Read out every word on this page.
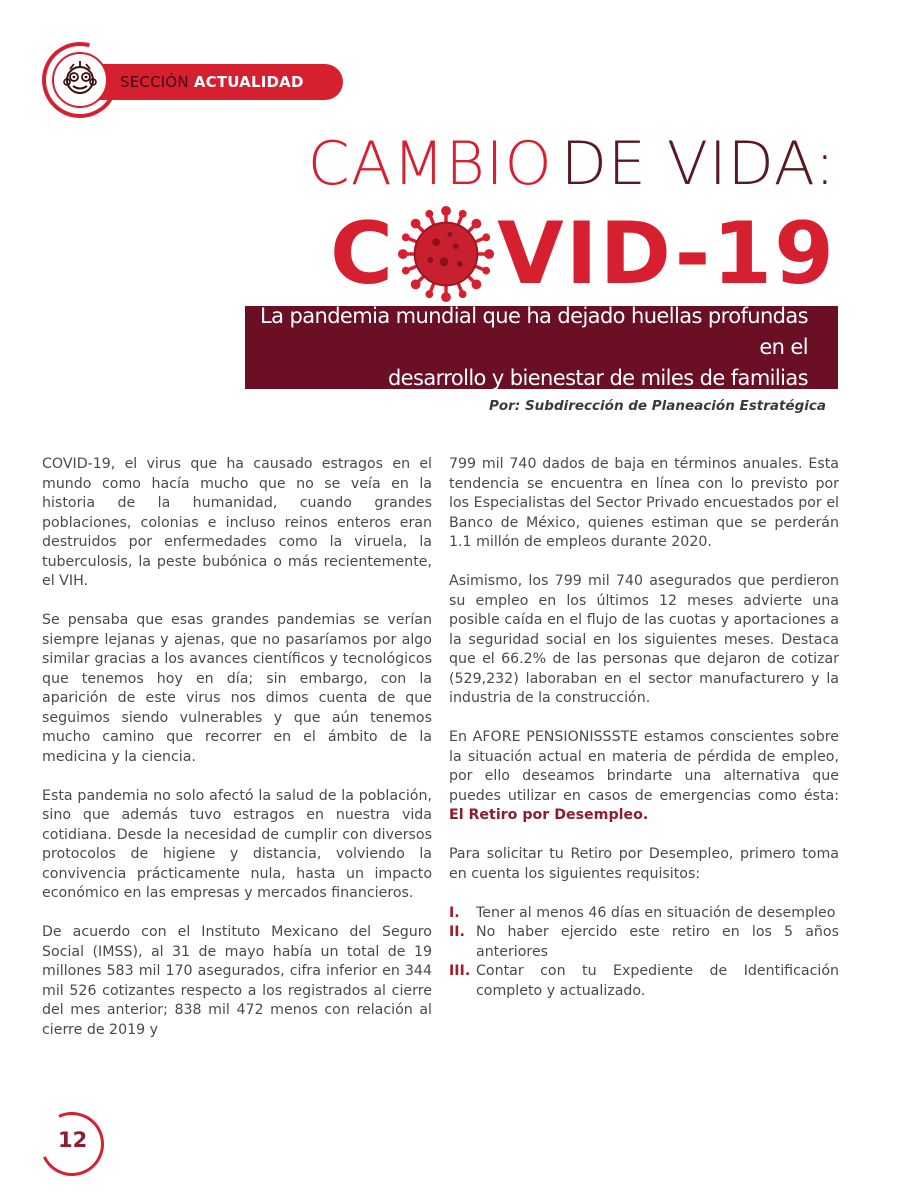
SECCIÓN ACTUALIDAD
CAMBIO DE VIDA:
C VID-19
La pandemia mundial que ha dejado huellas profundas en el
desarrollo y bienestar de miles de familias
Por: Subdirección de Planeación Estratégica

COVID-19, el virus que ha causado estragos en el mundo como hacía mucho que no se veía en la historia de la humanidad, cuando grandes poblaciones, colonias e incluso reinos enteros eran destruidos por enfermedades como la viruela, la tuberculosis, la peste bubónica o más recientemente, el VIH.

Se pensaba que esas grandes pandemias se verían siempre lejanas y ajenas, que no pasaríamos por algo similar gracias a los avances científicos y tecnológicos que tenemos hoy en día; sin embargo, con la aparición de este virus nos dimos cuenta de que seguimos siendo vulnerables y que aún tenemos mucho camino que recorrer en el ámbito de la medicina y la ciencia.

Esta pandemia no solo afectó la salud de la población, sino que además tuvo estragos en nuestra vida cotidiana. Desde la necesidad de cumplir con diversos protocolos de higiene y distancia, volviendo la convivencia prácticamente nula, hasta un impacto económico en las empresas y mercados financieros.

De acuerdo con el Instituto Mexicano del Seguro Social (IMSS), al 31 de mayo había un total de 19 millones 583 mil 170 asegurados, cifra inferior en 344 mil 526 cotizantes respecto a los registrados al cierre del mes anterior; 838 mil 472 menos con relación al cierre de 2019 y

799 mil 740 dados de baja en términos anuales. Esta tendencia se encuentra en línea con lo previsto por los Especialistas del Sector Privado encuestados por el Banco de México, quienes estiman que se perderán 1.1 millón de empleos durante 2020.

Asimismo, los 799 mil 740 asegurados que perdieron su empleo en los últimos 12 meses advierte una posible caída en el flujo de las cuotas y aportaciones a la seguridad social en los siguientes meses. Destaca que el 66.2% de las personas que dejaron de cotizar (529,232) laboraban en el sector manufacturero y la industria de la construcción.

En AFORE PENSIONISSSTE estamos conscientes sobre la situación actual en materia de pérdida de empleo, por ello deseamos brindarte una alternativa que puedes utilizar en casos de emergencias como ésta: El Retiro por Desempleo.

Para solicitar tu Retiro por Desempleo, primero toma en cuenta los siguientes requisitos:

I.	Tener al menos 46 días en situación de desempleo
II. No haber ejercido este retiro en los 5 años anteriores
III. Contar con tu Expediente de Identificación completo y actualizado.
12
